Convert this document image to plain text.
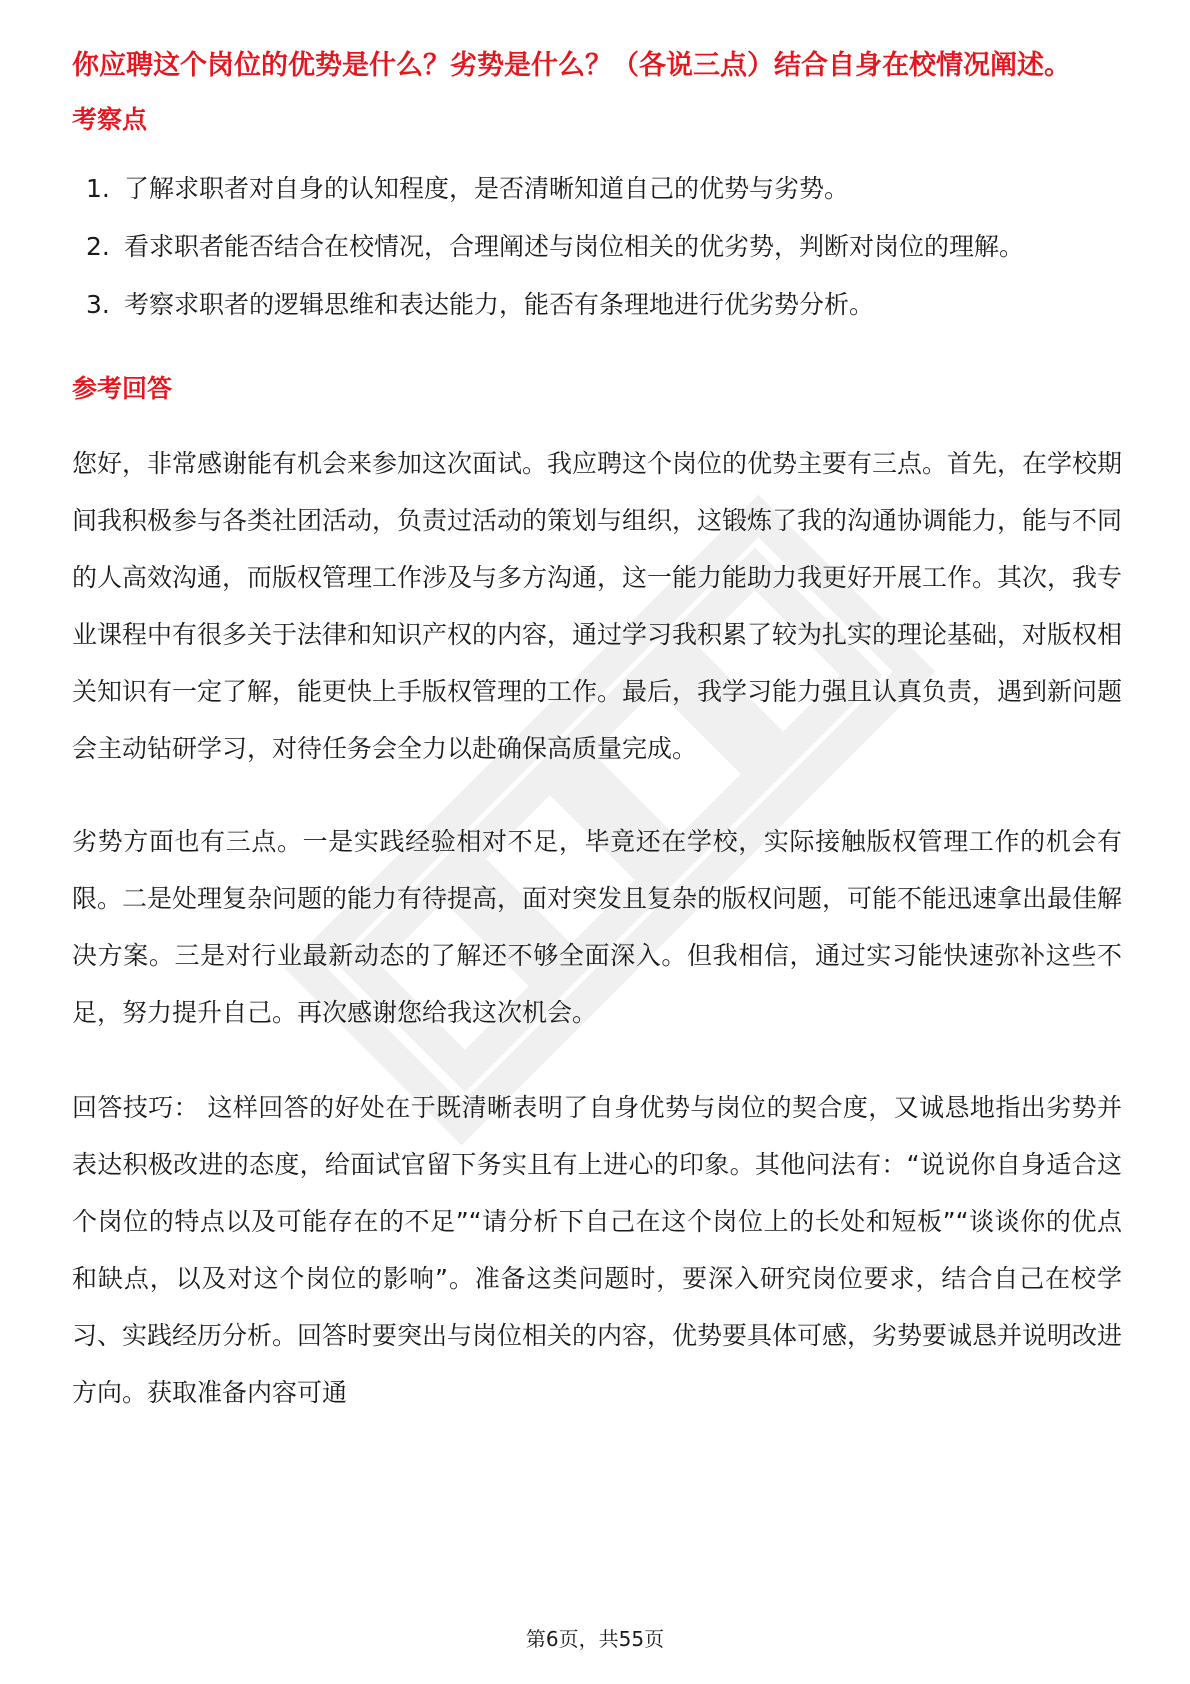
你应聘这个岗位的优势是什么？劣势是什么？（各说三点）结合自身在校情况阐述。
考察点
1. 了解求职者对自身的认知程度，是否清晰知道自己的优势与劣势。
2. 看求职者能否结合在校情况，合理阐述与岗位相关的优劣势，判断对岗位的理解。
3. 考察求职者的逻辑思维和表达能力，能否有条理地进行优劣势分析。
参考回答

您好，非常感谢能有机会来参加这次面试。我应聘这个岗位的优势主要有三点。首先，在学校期间我积极参与各类社团活动，负责过活动的策划与组织，这锻炼了我的沟通协调能力，能与不同的人高效沟通，而版权管理工作涉及与多方沟通，这一能力能助力我更好开展工作。其次，我专业课程中有很多关于法律和知识产权的内容，通过学习我积累了较为扎实的理论基础，对版权相关知识有一定了解，能更快上手版权管理的工作。最后，我学习能力强且认真负责，遇到新问题会主动钻研学习，对待任务会全力以赴确保高质量完成。

劣势方面也有三点。一是实践经验相对不足，毕竟还在学校，实际接触版权管理工作的机会有限。二是处理复杂问题的能力有待提高，面对突发且复杂的版权问题，可能不能迅速拿出最佳解决方案。三是对行业最新动态的了解还不够全面深入。但我相信，通过实习能快速弥补这些不足，努力提升自己。再次感谢您给我这次机会。

回答技巧： 这样回答的好处在于既清晰表明了自身优势与岗位的契合度，又诚恳地指出劣势并表达积极改进的态度，给面试官留下务实且有上进心的印象。其他问法有：“说说你自身适合这个岗位的特点以及可能存在的不足”“请分析下自己在这个岗位上的长处和短板”“谈谈你的优点和缺点，以及对这个岗位的影响”。准备这类问题时，要深入研究岗位要求，结合自己在校学习、实践经历分析。回答时要突出与岗位相关的内容，优势要具体可感，劣势要诚恳并说明改进方向。获取准备内容可通

第6页，共55页
